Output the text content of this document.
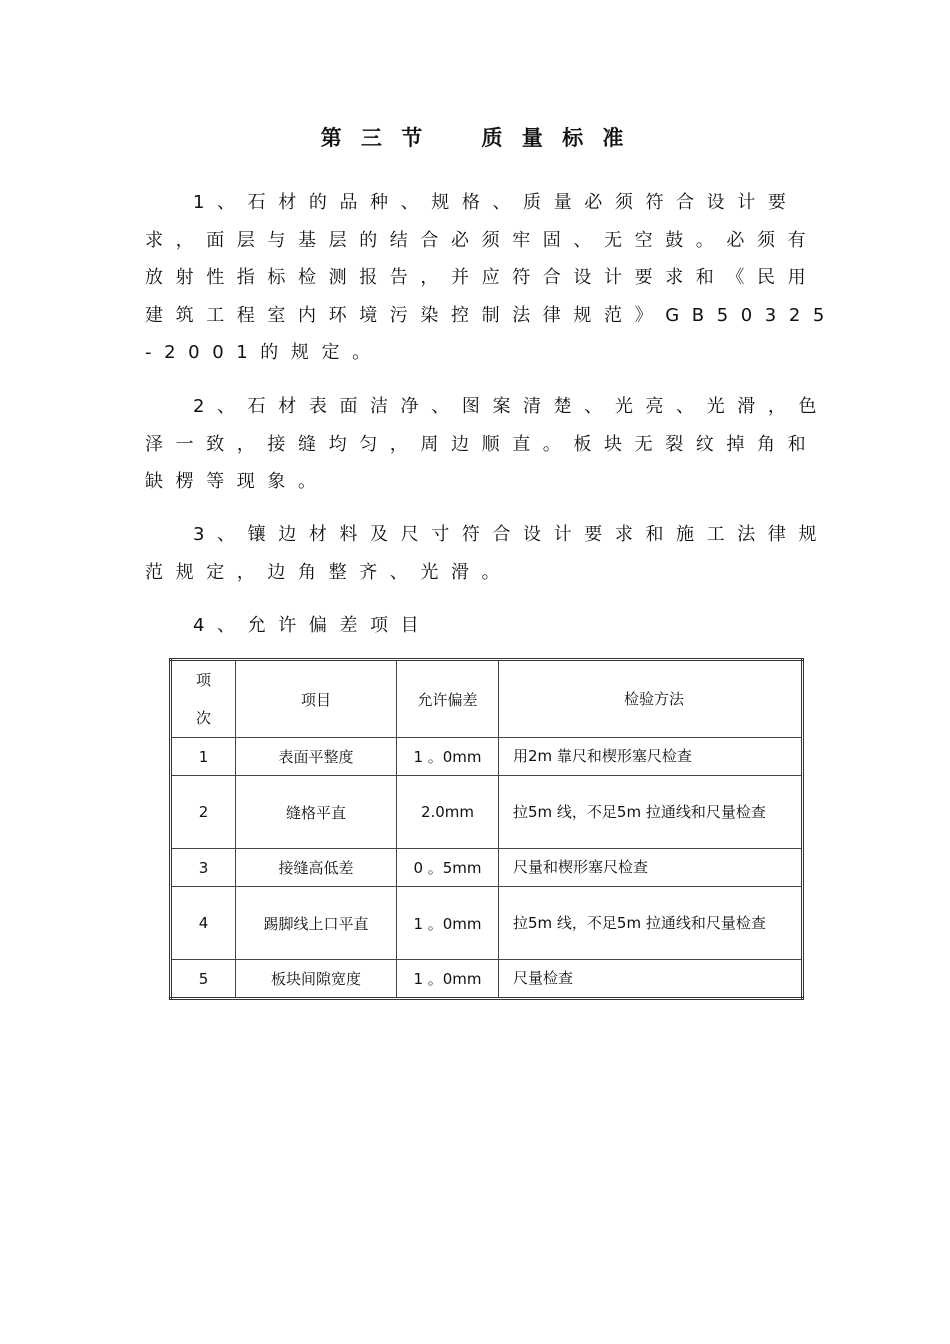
第 三 节    质 量 标 准

1、石材的品种、规格、质量必须符合设计要求，面层与基层的结合必须牢固、无空鼓。必须有放射性指标检测报告，并应符合设计要求和《民用建筑工程室内环境污染控制法律规范》GB50325-2001的规定。

2、石材表面洁净、图案清楚、光亮、光滑，色泽一致，接缝均匀，周边顺直。板块无裂纹掉角和缺楞等现象。

3、镶边材料及尺寸符合设计要求和施工法律规范规定，边角整齐、光滑。

4、允许偏差项目

项次	项目	允许偏差	检验方法
1	表面平整度	1 。0mm	用2m 靠尺和楔形塞尺检查
2	缝格平直	2.0mm	拉5m 线，不足5m 拉通线和尺量检查
3	接缝高低差	0 。5mm	尺量和楔形塞尺检查
4	踢脚线上口平直	1 。0mm	拉5m 线，不足5m 拉通线和尺量检查
5	板块间隙宽度	1 。0mm	尺量检查
